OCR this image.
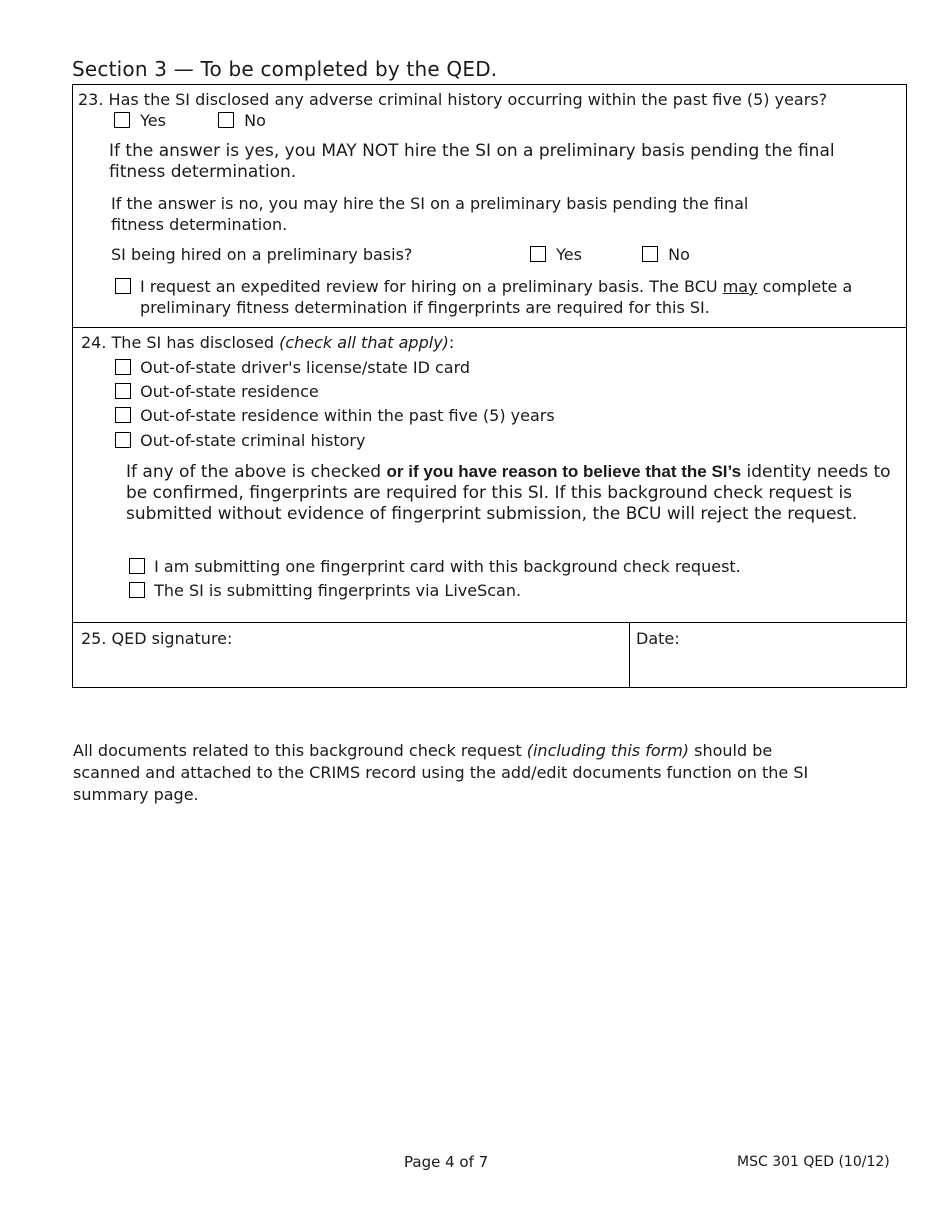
Section 3 — To be completed by the QED.
23. Has the SI disclosed any adverse criminal history occurring within the past five (5) years?
Yes	No
If the answer is yes, you MAY NOT hire the SI on a preliminary basis pending the final fitness determination.
If the answer is no, you may hire the SI on a preliminary basis pending the final fitness determination.
SI being hired on a preliminary basis?	Yes	No
I request an expedited review for hiring on a preliminary basis. The BCU may complete a preliminary fitness determination if fingerprints are required for this SI.
24. The SI has disclosed (check all that apply):
Out-of-state driver's license/state ID card
Out-of-state residence
Out-of-state residence within the past five (5) years
Out-of-state criminal history
If any of the above is checked or if you have reason to believe that the SI’s identity needs to be confirmed, fingerprints are required for this SI. If this background check request is submitted without evidence of fingerprint submission, the BCU will reject the request.
I am submitting one fingerprint card with this background check request.
The SI is submitting fingerprints via LiveScan.
25. QED signature:	Date:
All documents related to this background check request (including this form) should be scanned and attached to the CRIMS record using the add/edit documents function on the SI summary page.
Page 4 of 7	MSC 301 QED (10/12)
